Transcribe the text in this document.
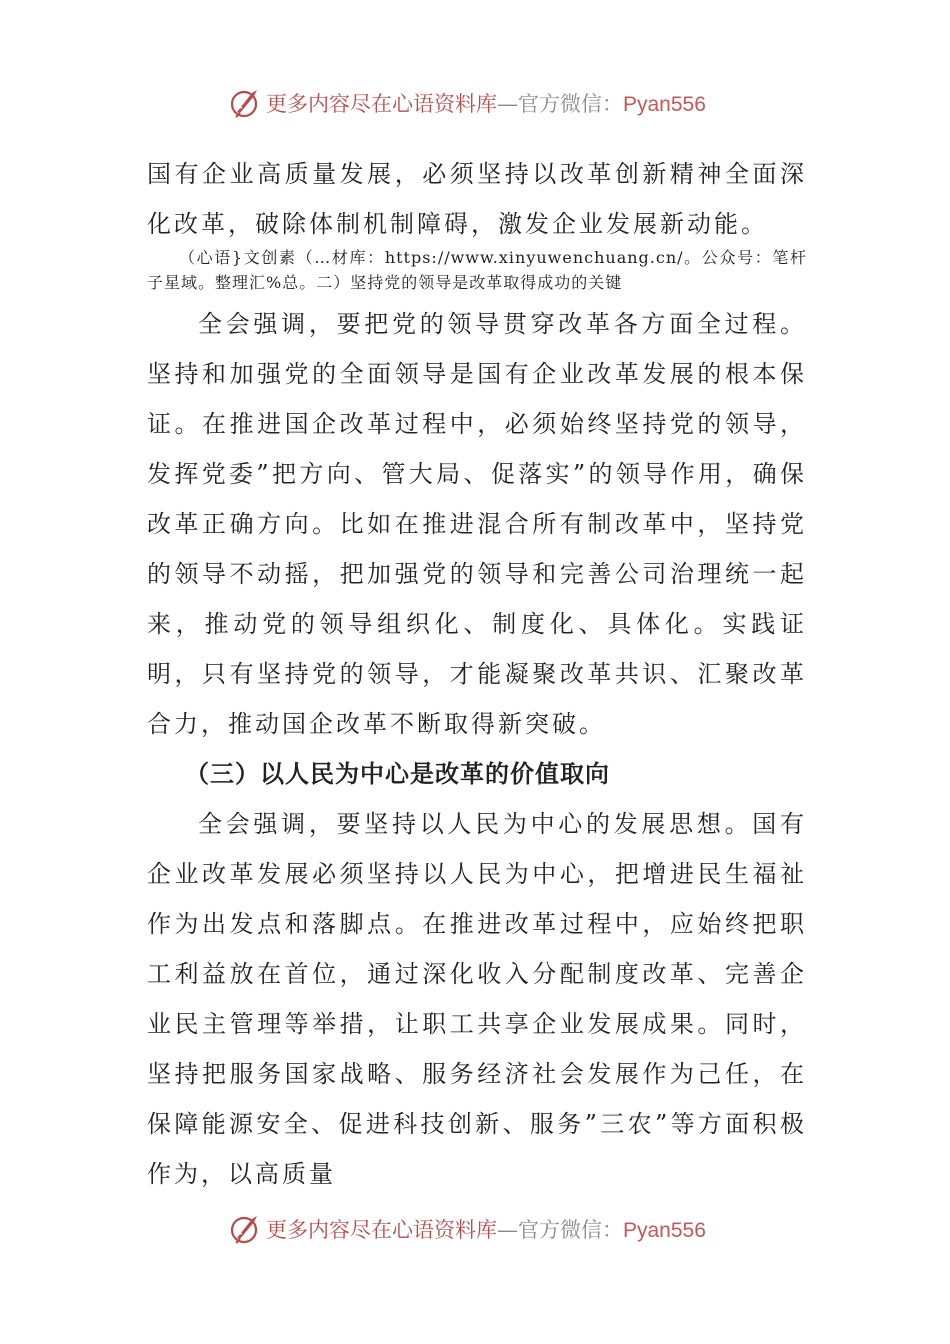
更多内容尽在心语资料库—官方微信：Pyan556

国有企业高质量发展，必须坚持以改革创新精神全面深化改革，破除体制机制障碍，激发企业发展新动能。

（心语}文创素（…材库：https://www.xinyuwenchuang.cn/。公众号：笔杆子星域。整理汇%总。二）坚持党的领导是改革取得成功的关键

全会强调，要把党的领导贯穿改革各方面全过程。坚持和加强党的全面领导是国有企业改革发展的根本保证。在推进国企改革过程中，必须始终坚持党的领导，发挥党委”把方向、管大局、促落实”的领导作用，确保改革正确方向。比如在推进混合所有制改革中，坚持党的领导不动摇，把加强党的领导和完善公司治理统一起来，推动党的领导组织化、制度化、具体化。实践证明，只有坚持党的领导，才能凝聚改革共识、汇聚改革合力，推动国企改革不断取得新突破。

（三）以人民为中心是改革的价值取向

全会强调，要坚持以人民为中心的发展思想。国有企业改革发展必须坚持以人民为中心，把增进民生福祉作为出发点和落脚点。在推进改革过程中，应始终把职工利益放在首位，通过深化收入分配制度改革、完善企业民主管理等举措，让职工共享企业发展成果。同时，坚持把服务国家战略、服务经济社会发展作为己任，在保障能源安全、促进科技创新、服务”三农”等方面积极作为，以高质量

更多内容尽在心语资料库—官方微信：Pyan556
